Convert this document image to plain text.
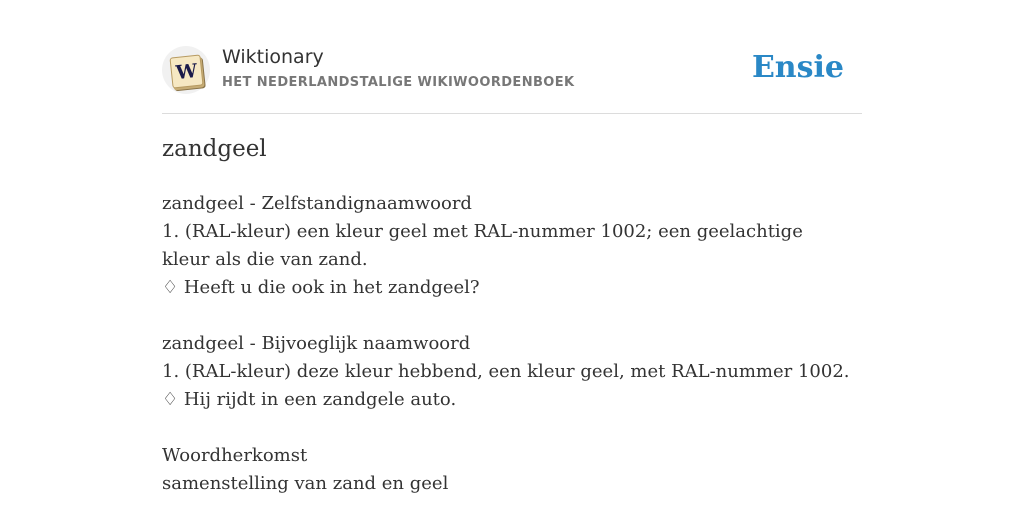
W
Wiktionary
HET NEDERLANDSTALIGE WIKIWOORDENBOEK	Ensie
zandgeel

zandgeel - Zelfstandignaamwoord

1. (RAL-kleur) een kleur geel met RAL-nummer 1002; een geelachtige kleur als die van zand.

♢ Heeft u die ook in het zandgeel?

zandgeel - Bijvoeglijk naamwoord

1. (RAL-kleur) deze kleur hebbend, een kleur geel, met RAL-nummer 1002.

♢ Hij rijdt in een zandgele auto.

Woordherkomst

samenstelling van zand en geel
